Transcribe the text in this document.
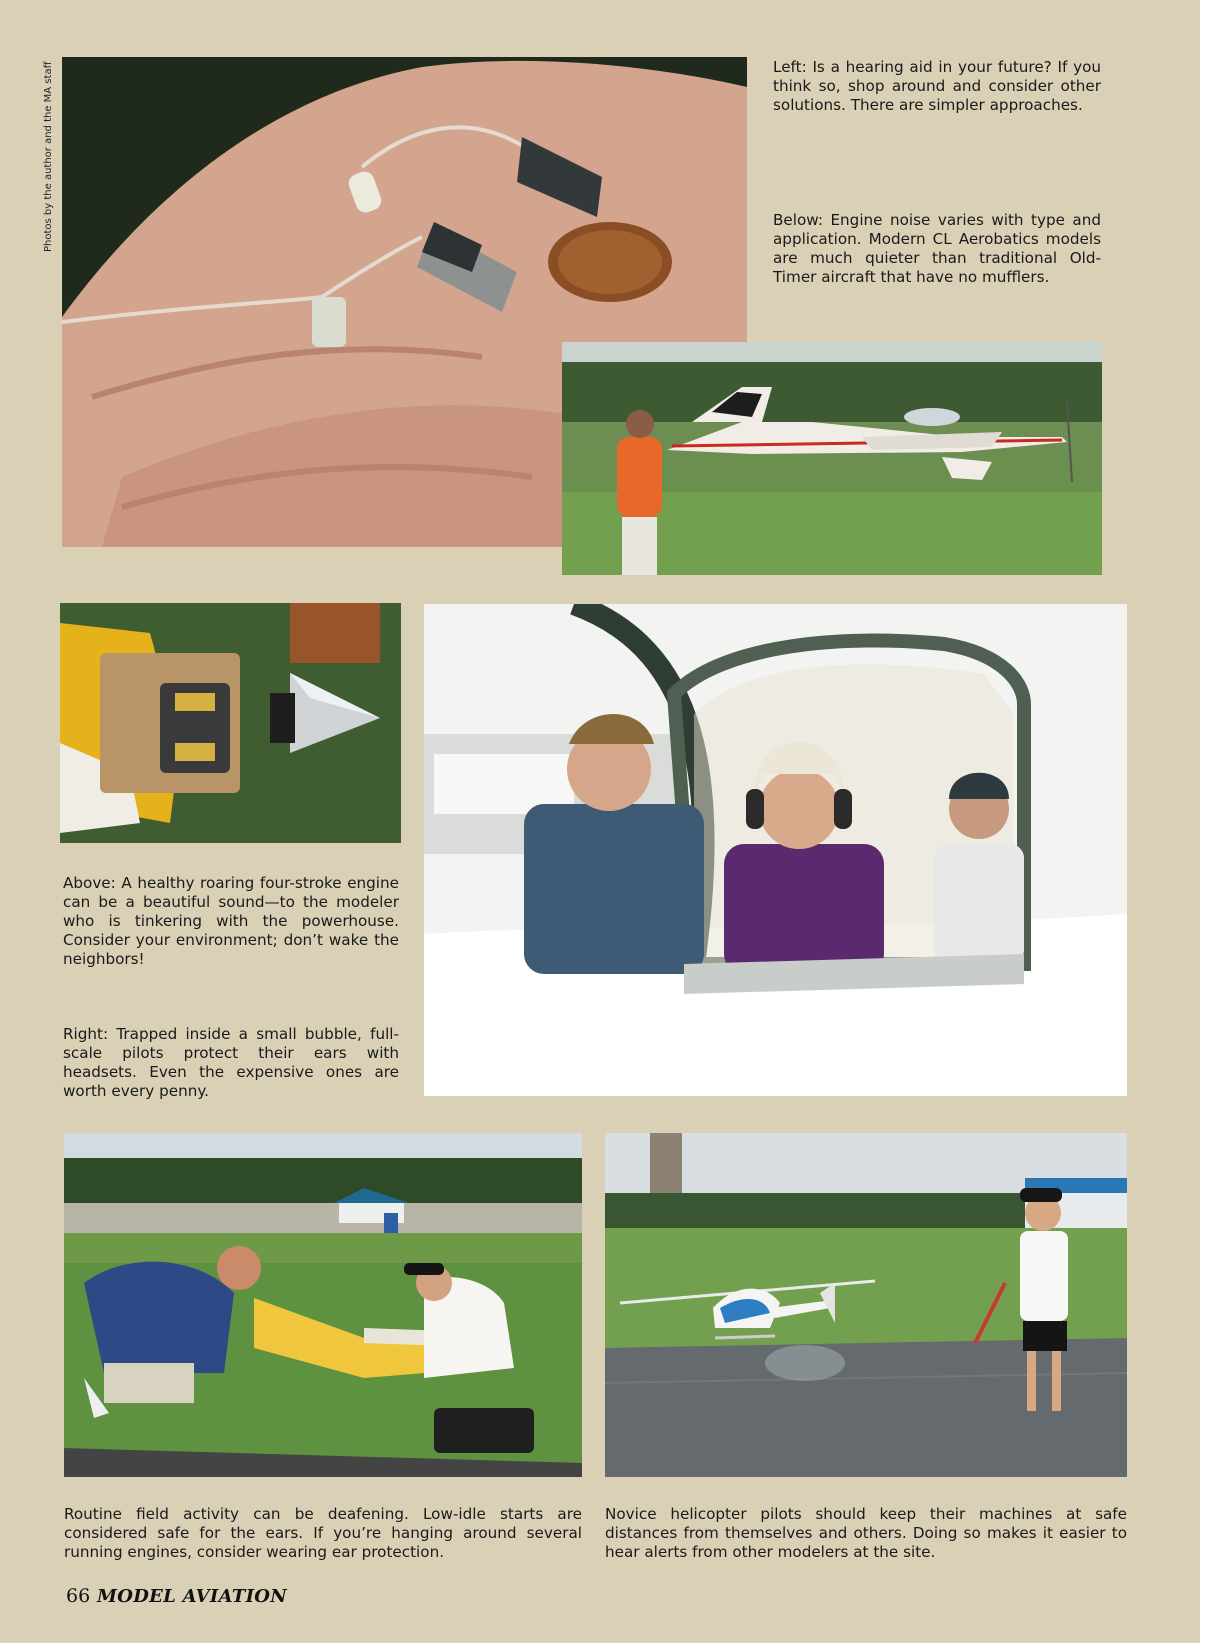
Photos by the author and the MA staff	Left: Is a hearing aid in your future? If you think so, shop around and consider other solutions. There are simpler approaches.

Below: Engine noise varies with type and application. Modern CL Aerobatics models are much quieter than traditional Old-Timer aircraft that have no mufflers.

Above: A healthy roaring four-stroke engine can be a beautiful sound—to the modeler who is tinkering with the powerhouse. Consider your environment; don’t wake the neighbors!

Right: Trapped inside a small bubble, full-scale pilots protect their ears with headsets. Even the expensive ones are worth every penny.

Routine field activity can be deafening. Low-idle starts are considered safe for the ears. If you’re hanging around several running engines, consider wearing ear protection.

Novice helicopter pilots should keep their machines at safe distances from themselves and others. Doing so makes it easier to hear alerts from other modelers at the site.

66 MODEL AVIATION
